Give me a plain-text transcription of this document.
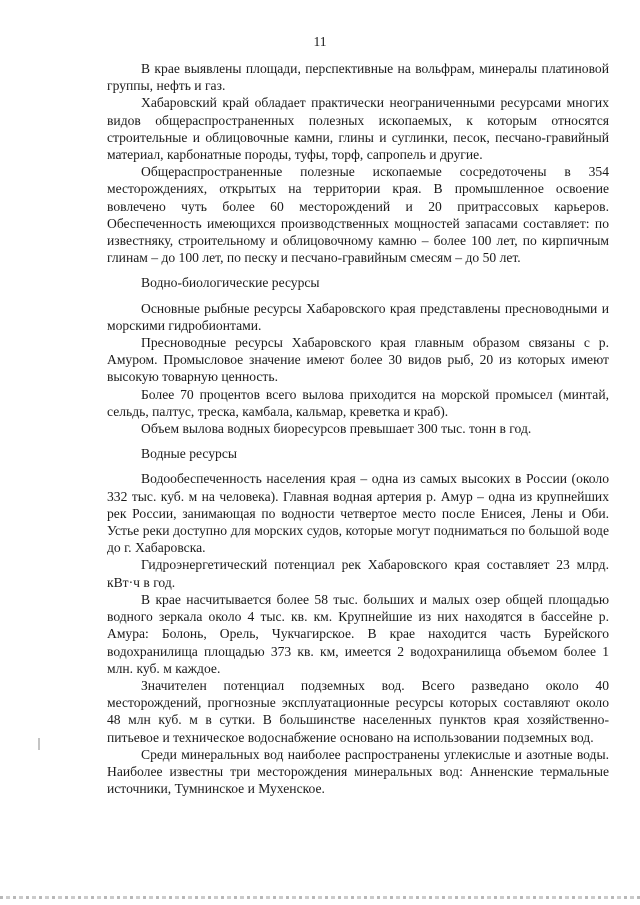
11

В крае выявлены площади, перспективные на вольфрам, минералы платиновой группы, нефть и газ.

Хабаровский край обладает практически неограниченными ресурсами многих видов общераспространенных полезных ископаемых, к которым относятся строительные и облицовочные камни, глины и суглинки, песок, песчано-гравийный материал, карбонатные породы, туфы, торф, сапропель и другие.

Общераспространенные полезные ископаемые сосредоточены в 354 месторождениях, открытых на территории края. В промышленное освоение вовлечено чуть более 60 месторождений и 20 притрассовых карьеров. Обеспеченность имеющихся производственных мощностей запасами составляет: по известняку, строительному и облицовочному камню – более 100 лет, по кирпичным глинам – до 100 лет, по песку и песчано-гравийным смесям – до 50 лет.

Водно-биологические ресурсы

Основные рыбные ресурсы Хабаровского края представлены пресноводными и морскими гидробионтами.

Пресноводные ресурсы Хабаровского края главным образом связаны с р. Амуром. Промысловое значение имеют более 30 видов рыб, 20 из которых имеют высокую товарную ценность.

Более 70 процентов всего вылова приходится на морской промысел (минтай, сельдь, палтус, треска, камбала, кальмар, креветка и краб).

Объем вылова водных биоресурсов превышает 300 тыс. тонн в год.

Водные ресурсы

Водообеспеченность населения края – одна из самых высоких в России (около 332 тыс. куб. м на человека). Главная водная артерия р. Амур – одна из крупнейших рек России, занимающая по водности четвертое место после Енисея, Лены и Оби. Устье реки доступно для морских судов, которые могут подниматься по большой воде до г. Хабаровска.

Гидроэнергетический потенциал рек Хабаровского края составляет 23 млрд. кВт·ч в год.

В крае насчитывается более 58 тыс. больших и малых озер общей площадью водного зеркала около 4 тыс. кв. км. Крупнейшие из них находятся в бассейне р. Амура: Болонь, Орель, Чукчагирское. В крае находится часть Бурейского водохранилища площадью 373 кв. км, имеется 2 водохранилища объемом более 1 млн. куб. м каждое.

Значителен потенциал подземных вод. Всего разведано около 40 месторождений, прогнозные эксплуатационные ресурсы которых составляют около 48 млн куб. м в сутки. В большинстве населенных пунктов края хозяйственно-питьевое и техническое водоснабжение основано на использовании подземных вод.

Среди минеральных вод наиболее распространены углекислые и азотные воды. Наиболее известны три месторождения минеральных вод: Анненские термальные источники, Тумнинское и Мухенское.
